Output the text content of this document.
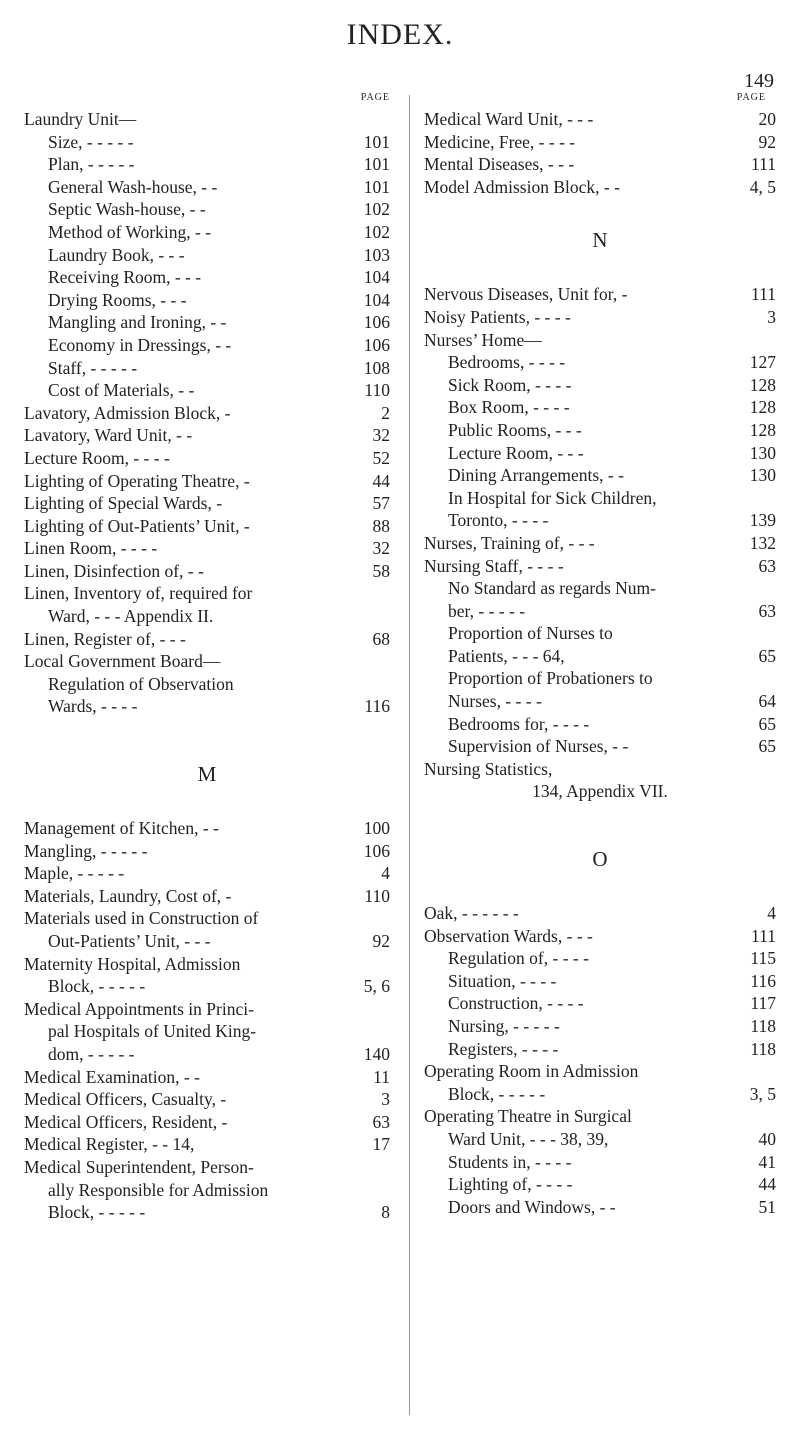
INDEX.
149
PAGE
Laundry Unit—
Size, - - - - -	101
Plan, - - - - -	101
General Wash-house, - -	101
Septic Wash-house, - -	102
Method of Working, - -	102
Laundry Book, - - -	103
Receiving Room, - - -	104
Drying Rooms, - - -	104
Mangling and Ironing, - -	106
Economy in Dressings, - -	106
Staff, - - - - -	108
Cost of Materials, - -	110
Lavatory, Admission Block, -	2
Lavatory, Ward Unit, - -	32
Lecture Room, - - - -	52
Lighting of Operating Theatre, -	44
Lighting of Special Wards, -	57
Lighting of Out-Patients’ Unit, -	88
Linen Room, - - - -	32
Linen, Disinfection of, - -	58
Linen, Inventory of, required for
Ward, - - - Appendix II.
Linen, Register of, - - -	68
Local Government Board—
Regulation of Observation
Wards, - - - -	116
M
Management of Kitchen, - -	100
Mangling, - - - - -	106
Maple, - - - - -	4
Materials, Laundry, Cost of, -	110
Materials used in Construction of
Out-Patients’ Unit, - - -	92
Maternity Hospital, Admission
Block, - - - - -	5, 6
Medical Appointments in Princi-
pal Hospitals of United King-
dom, - - - - -	140
Medical Examination, - -	11
Medical Officers, Casualty, -	3
Medical Officers, Resident, -	63
Medical Register, - - 14,	17
Medical Superintendent, Person-
ally Responsible for Admission
Block, - - - - -	8
PAGE
Medical Ward Unit, - - -	20
Medicine, Free, - - - -	92
Mental Diseases, - - -	111
Model Admission Block, - -	4, 5
N
Nervous Diseases, Unit for, -	111
Noisy Patients, - - - -	3
Nurses’ Home—
Bedrooms, - - - -	127
Sick Room, - - - -	128
Box Room, - - - -	128
Public Rooms, - - -	128
Lecture Room, - - -	130
Dining Arrangements, - -	130
In Hospital for Sick Children,
Toronto, - - - -	139
Nurses, Training of, - - -	132
Nursing Staff, - - - -	63
No Standard as regards Num-
ber, - - - - -	63
Proportion of Nurses to
Patients, - - - 64,	65
Proportion of Probationers to
Nurses, - - - -	64
Bedrooms for, - - - -	65
Supervision of Nurses, - -	65
Nursing Statistics,
134, Appendix VII.
O
Oak, - - - - - -	4
Observation Wards, - - -	111
Regulation of, - - - -	115
Situation, - - - -	116
Construction, - - - -	117
Nursing, - - - - -	118
Registers, - - - -	118
Operating Room in Admission
Block, - - - - -	3, 5
Operating Theatre in Surgical
Ward Unit, - - - 38, 39,	40
Students in, - - - -	41
Lighting of, - - - -	44
Doors and Windows, - -	51
